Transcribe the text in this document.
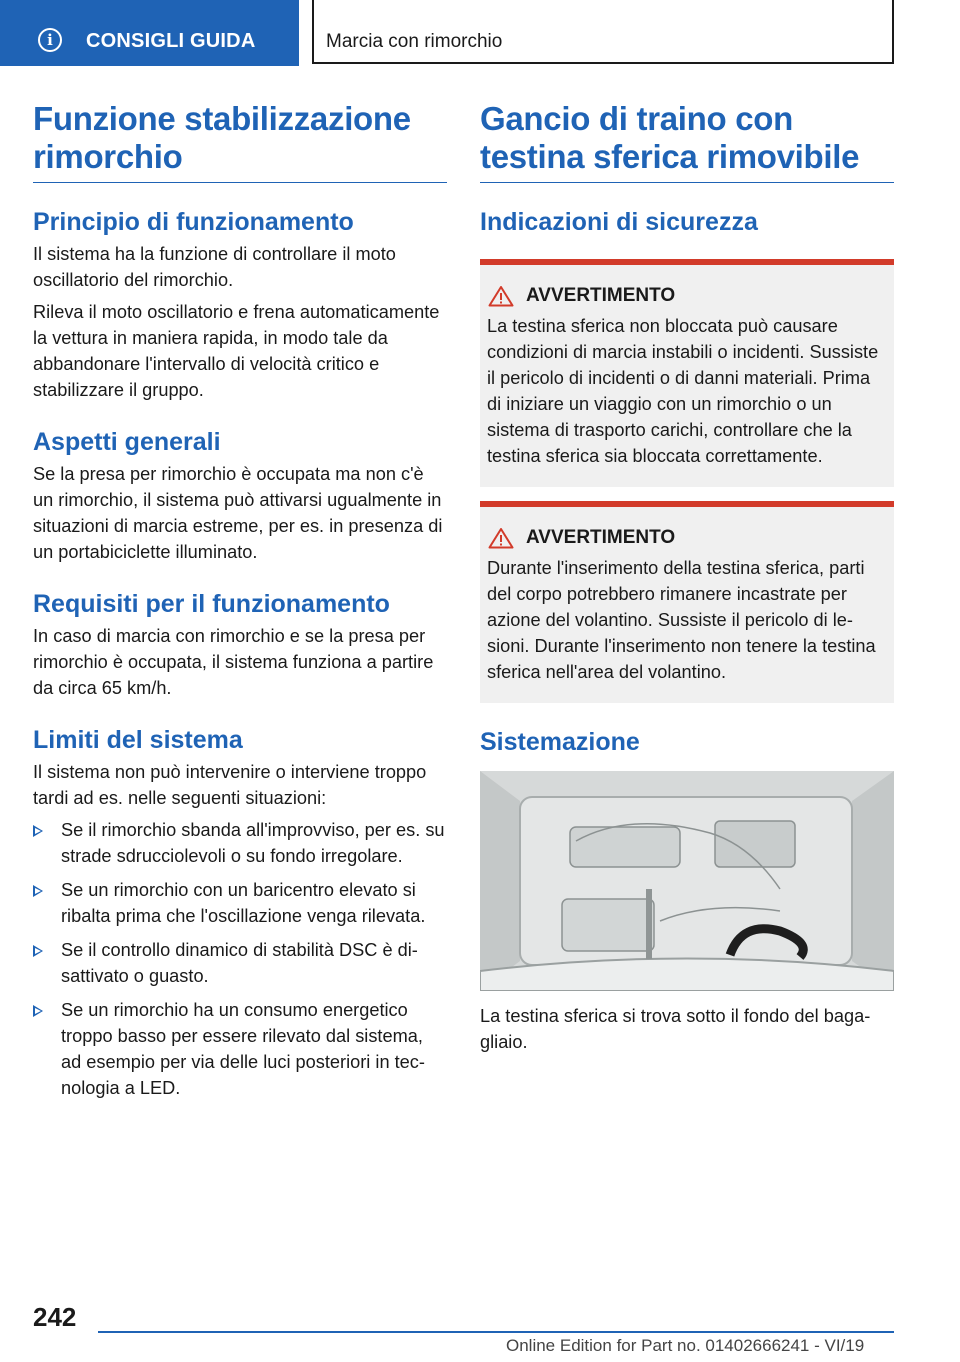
i	CONSIGLI GUIDA	Marcia con rimorchio
Funzione stabilizzazione rimorchio
Principio di funzionamento

Il sistema ha la funzione di controllare il moto oscillatorio del rimorchio.

Rileva il moto oscillatorio e frena automaticamente la vettura in maniera rapida, in modo tale da abbandonare l'intervallo di velocità critico e stabilizzare il gruppo.

Aspetti generali

Se la presa per rimorchio è occupata ma non c'è un rimorchio, il sistema può attivarsi ugualmente in situazioni di marcia estreme, per es. in presenza di un portabiciclette illuminato.

Requisiti per il funzionamento

In caso di marcia con rimorchio e se la presa per rimorchio è occupata, il sistema funziona a partire da circa 65 km/h.

Limiti del sistema

Il sistema non può intervenire o interviene troppo tardi ad es. nelle seguenti situazioni:

Se il rimorchio sbanda all'improvviso, per es. su strade sdrucciolevoli o su fondo irregolare.
Se un rimorchio con un baricentro elevato si ribalta prima che l'oscillazione venga rilevata.
Se il controllo dinamico di stabilità DSC è disattivato o guasto.
Se un rimorchio ha un consumo energetico troppo basso per essere rilevato dal sistema, ad esempio per via delle luci posteriori in tecnologia a LED.
Gancio di traino con testina sferica rimovibile
Indicazioni di sicurezza
AVVERTIMENTO

La testina sferica non bloccata può causare condizioni di marcia instabili o incidenti. Sussiste il pericolo di incidenti o di danni materiali. Prima di iniziare un viaggio con un rimorchio o un sistema di trasporto carichi, controllare che la testina sferica sia bloccata correttamente.

AVVERTIMENTO

Durante l'inserimento della testina sferica, parti del corpo potrebbero rimanere incastrate per azione del volantino. Sussiste il pericolo di lesioni. Durante l'inserimento non tenere la testina sferica nell'area del volantino.

Sistemazione

La testina sferica si trova sotto il fondo del bagagliaio.

242
Online Edition for Part no. 01402666241 - VI/19
